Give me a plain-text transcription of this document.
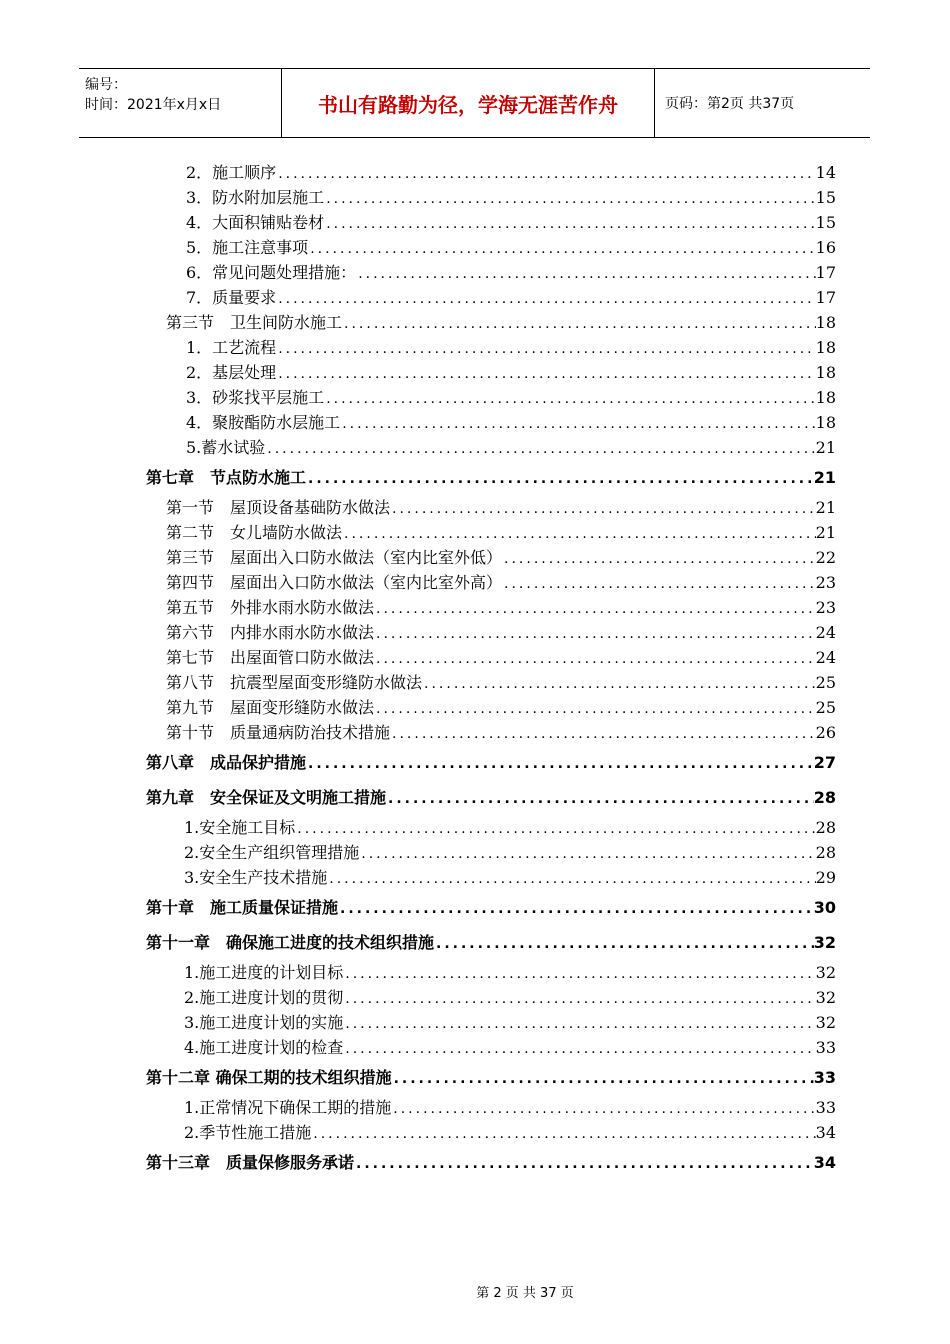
编号：
时间：2021年x月x日	书山有路勤为径，学海无涯苦作舟	页码：第2页 共37页
2．施工顺序 .....	14
3．防水附加层施工 .....	15
4．大面积铺贴卷材 .....	15
5．施工注意事项 .....	16
6．常见问题处理措施： .....	17
7．质量要求 .....	17
第三节　卫生间防水施工 .....	18
1．工艺流程 .....	18
2．基层处理 .....	18
3．砂浆找平层施工 .....	18
4．聚胺酯防水层施工 .....	18
5.蓄水试验 .....	21
第七章　节点防水施工 .....	21
第一节　屋顶设备基础防水做法 .....	21
第二节　女儿墙防水做法 .....	21
第三节　屋面出入口防水做法（室内比室外低） .....	22
第四节　屋面出入口防水做法（室内比室外高） .....	23
第五节　外排水雨水防水做法 .....	23
第六节　内排水雨水防水做法 .....	24
第七节　出屋面管口防水做法 .....	24
第八节　抗震型屋面变形缝防水做法 .....	25
第九节　屋面变形缝防水做法 .....	25
第十节　质量通病防治技术措施 .....	26
第八章　成品保护措施 .....	27
第九章　安全保证及文明施工措施 .....	28
1.安全施工目标 .....	28
2.安全生产组织管理措施 .....	28
3.安全生产技术措施 .....	29
第十章　施工质量保证措施 .....	30
第十一章　确保施工进度的技术组织措施 .....	32
1.施工进度的计划目标 .....	32
2.施工进度计划的贯彻 .....	32
3.施工进度计划的实施 .....	32
4.施工进度计划的检查 .....	33
第十二章 确保工期的技术组织措施 .....	33
1.正常情况下确保工期的措施 .....	33
2.季节性施工措施 .....	34
第十三章　质量保修服务承诺 .....	34
第 2 页 共 37 页
